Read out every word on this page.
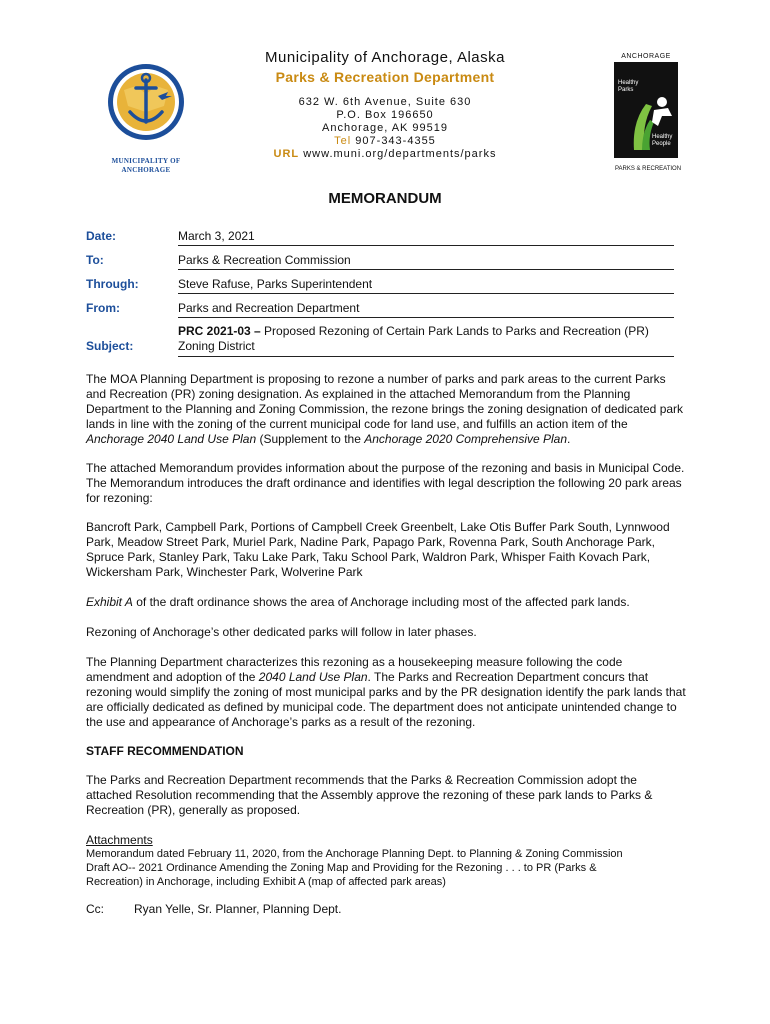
MUNICIPALITY OF
ANCHORAGE
Municipality of Anchorage, Alaska
Parks & Recreation Department
632 W. 6th Avenue, Suite 630
P.O. Box 196650
Anchorage, AK 99519
Tel 907-343-4355
URL www.muni.org/departments/parks
ANCHORAGE
Healthy
Parks
Healthy
People
PARKS & RECREATION
MEMORANDUM
Date:	March 3, 2021
To:	Parks & Recreation Commission
Through:	Steve Rafuse, Parks Superintendent
From:	Parks and Recreation Department
Subject:
PRC 2021-03 – Proposed Rezoning of Certain Park Lands to Parks and Recreation (PR) Zoning District
The MOA Planning Department is proposing to rezone a number of parks and park areas to the current Parks and Recreation (PR) zoning designation. As explained in the attached Memorandum from the Planning Department to the Planning and Zoning Commission, the rezone brings the zoning designation of dedicated park lands in line with the zoning of the current municipal code for land use, and fulfills an action item of the Anchorage 2040 Land Use Plan (Supplement to the Anchorage 2020 Comprehensive Plan.
The attached Memorandum provides information about the purpose of the rezoning and basis in Municipal Code. The Memorandum introduces the draft ordinance and identifies with legal description the following 20 park areas for rezoning:
Bancroft Park, Campbell Park, Portions of Campbell Creek Greenbelt, Lake Otis Buffer Park South, Lynnwood Park, Meadow Street Park, Muriel Park, Nadine Park, Papago Park, Rovenna Park, South Anchorage Park, Spruce Park, Stanley Park, Taku Lake Park, Taku School Park, Waldron Park, Whisper Faith Kovach Park, Wickersham Park, Winchester Park, Wolverine Park
Exhibit A of the draft ordinance shows the area of Anchorage including most of the affected park lands.
Rezoning of Anchorage’s other dedicated parks will follow in later phases.
The Planning Department characterizes this rezoning as a housekeeping measure following the code amendment and adoption of the 2040 Land Use Plan. The Parks and Recreation Department concurs that rezoning would simplify the zoning of most municipal parks and by the PR designation identify the park lands that are officially dedicated as defined by municipal code. The department does not anticipate unintended change to the use and appearance of Anchorage’s parks as a result of the rezoning.
STAFF RECOMMENDATION
The Parks and Recreation Department recommends that the Parks & Recreation Commission adopt the attached Resolution recommending that the Assembly approve the rezoning of these park lands to Parks & Recreation (PR), generally as proposed.
Attachments
Memorandum dated February 11, 2020, from the Anchorage Planning Dept. to Planning & Zoning Commission
Draft AO-- 2021 Ordinance Amending the Zoning Map and Providing for the Rezoning . . . to PR (Parks & Recreation) in Anchorage, including Exhibit A (map of affected park areas)
Cc:	Ryan Yelle, Sr. Planner, Planning Dept.
